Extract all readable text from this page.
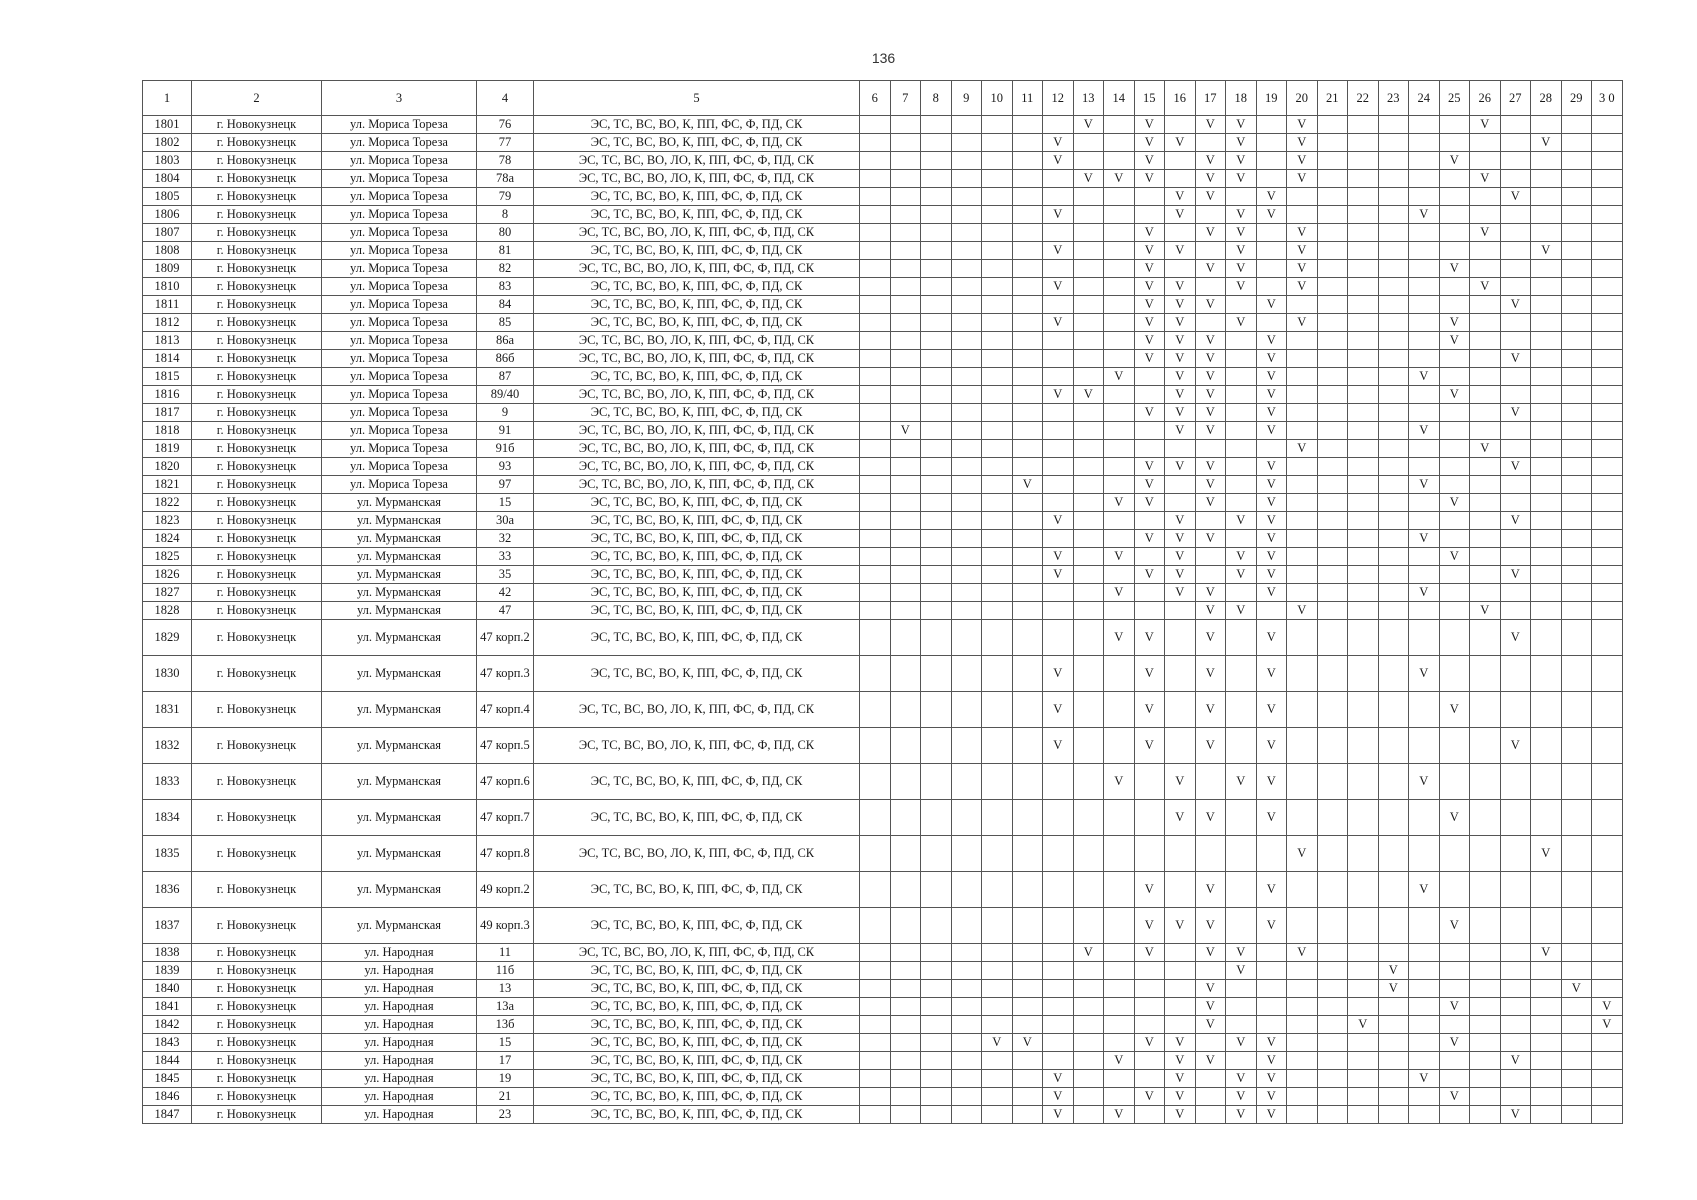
136
1	2	3	4	5	6	7	8	9	10	11	12	13	14	15	16	17	18	19	20	21	22	23	24	25	26	27	28	29	3 0
1801	г. Новокузнецк	ул. Мориса Тореза	76	ЭС, ТС, ВС, ВО, К, ПП, ФС, Ф, ПД, СК								V		V		V	V		V						V				
1802	г. Новокузнецк	ул. Мориса Тореза	77	ЭС, ТС, ВС, ВО, К, ПП, ФС, Ф, ПД, СК							V			V	V		V		V								V		
1803	г. Новокузнецк	ул. Мориса Тореза	78	ЭС, ТС, ВС, ВО, ЛО, К, ПП, ФС, Ф, ПД, СК							V			V		V	V		V					V					
1804	г. Новокузнецк	ул. Мориса Тореза	78а	ЭС, ТС, ВС, ВО, ЛО, К, ПП, ФС, Ф, ПД, СК								V	V	V		V	V		V						V				
1805	г. Новокузнецк	ул. Мориса Тореза	79	ЭС, ТС, ВС, ВО, К, ПП, ФС, Ф, ПД, СК											V	V		V								V			
1806	г. Новокузнецк	ул. Мориса Тореза	8	ЭС, ТС, ВС, ВО, К, ПП, ФС, Ф, ПД, СК							V				V		V	V					V						
1807	г. Новокузнецк	ул. Мориса Тореза	80	ЭС, ТС, ВС, ВО, ЛО, К, ПП, ФС, Ф, ПД, СК										V		V	V		V						V				
1808	г. Новокузнецк	ул. Мориса Тореза	81	ЭС, ТС, ВС, ВО, К, ПП, ФС, Ф, ПД, СК							V			V	V		V		V								V		
1809	г. Новокузнецк	ул. Мориса Тореза	82	ЭС, ТС, ВС, ВО, ЛО, К, ПП, ФС, Ф, ПД, СК										V		V	V		V					V					
1810	г. Новокузнецк	ул. Мориса Тореза	83	ЭС, ТС, ВС, ВО, К, ПП, ФС, Ф, ПД, СК							V			V	V		V		V						V				
1811	г. Новокузнецк	ул. Мориса Тореза	84	ЭС, ТС, ВС, ВО, К, ПП, ФС, Ф, ПД, СК										V	V	V		V								V			
1812	г. Новокузнецк	ул. Мориса Тореза	85	ЭС, ТС, ВС, ВО, К, ПП, ФС, Ф, ПД, СК							V			V	V		V		V					V					
1813	г. Новокузнецк	ул. Мориса Тореза	86а	ЭС, ТС, ВС, ВО, ЛО, К, ПП, ФС, Ф, ПД, СК										V	V	V		V						V					
1814	г. Новокузнецк	ул. Мориса Тореза	86б	ЭС, ТС, ВС, ВО, ЛО, К, ПП, ФС, Ф, ПД, СК										V	V	V		V								V			
1815	г. Новокузнецк	ул. Мориса Тореза	87	ЭС, ТС, ВС, ВО, К, ПП, ФС, Ф, ПД, СК									V		V	V		V					V						
1816	г. Новокузнецк	ул. Мориса Тореза	89/40	ЭС, ТС, ВС, ВО, ЛО, К, ПП, ФС, Ф, ПД, СК							V	V			V	V		V						V					
1817	г. Новокузнецк	ул. Мориса Тореза	9	ЭС, ТС, ВС, ВО, К, ПП, ФС, Ф, ПД, СК										V	V	V		V								V			
1818	г. Новокузнецк	ул. Мориса Тореза	91	ЭС, ТС, ВС, ВО, ЛО, К, ПП, ФС, Ф, ПД, СК		V									V	V		V					V						
1819	г. Новокузнецк	ул. Мориса Тореза	91б	ЭС, ТС, ВС, ВО, ЛО, К, ПП, ФС, Ф, ПД, СК															V						V				
1820	г. Новокузнецк	ул. Мориса Тореза	93	ЭС, ТС, ВС, ВО, ЛО, К, ПП, ФС, Ф, ПД, СК										V	V	V		V								V			
1821	г. Новокузнецк	ул. Мориса Тореза	97	ЭС, ТС, ВС, ВО, ЛО, К, ПП, ФС, Ф, ПД, СК						V				V		V		V					V						
1822	г. Новокузнецк	ул. Мурманская	15	ЭС, ТС, ВС, ВО, К, ПП, ФС, Ф, ПД, СК									V	V		V		V						V					
1823	г. Новокузнецк	ул. Мурманская	30а	ЭС, ТС, ВС, ВО, К, ПП, ФС, Ф, ПД, СК							V				V		V	V								V			
1824	г. Новокузнецк	ул. Мурманская	32	ЭС, ТС, ВС, ВО, К, ПП, ФС, Ф, ПД, СК										V	V	V		V					V						
1825	г. Новокузнецк	ул. Мурманская	33	ЭС, ТС, ВС, ВО, К, ПП, ФС, Ф, ПД, СК							V		V		V		V	V						V					
1826	г. Новокузнецк	ул. Мурманская	35	ЭС, ТС, ВС, ВО, К, ПП, ФС, Ф, ПД, СК							V			V	V		V	V								V			
1827	г. Новокузнецк	ул. Мурманская	42	ЭС, ТС, ВС, ВО, К, ПП, ФС, Ф, ПД, СК									V		V	V		V					V						
1828	г. Новокузнецк	ул. Мурманская	47	ЭС, ТС, ВС, ВО, К, ПП, ФС, Ф, ПД, СК												V	V		V						V				
1829	г. Новокузнецк	ул. Мурманская	47 корп.2	ЭС, ТС, ВС, ВО, К, ПП, ФС, Ф, ПД, СК									V	V		V		V								V			
1830	г. Новокузнецк	ул. Мурманская	47 корп.3	ЭС, ТС, ВС, ВО, К, ПП, ФС, Ф, ПД, СК							V			V		V		V					V						
1831	г. Новокузнецк	ул. Мурманская	47 корп.4	ЭС, ТС, ВС, ВО, ЛО, К, ПП, ФС, Ф, ПД, СК							V			V		V		V						V					
1832	г. Новокузнецк	ул. Мурманская	47 корп.5	ЭС, ТС, ВС, ВО, ЛО, К, ПП, ФС, Ф, ПД, СК							V			V		V		V								V			
1833	г. Новокузнецк	ул. Мурманская	47 корп.6	ЭС, ТС, ВС, ВО, К, ПП, ФС, Ф, ПД, СК									V		V		V	V					V						
1834	г. Новокузнецк	ул. Мурманская	47 корп.7	ЭС, ТС, ВС, ВО, К, ПП, ФС, Ф, ПД, СК											V	V		V						V					
1835	г. Новокузнецк	ул. Мурманская	47 корп.8	ЭС, ТС, ВС, ВО, ЛО, К, ПП, ФС, Ф, ПД, СК															V								V		
1836	г. Новокузнецк	ул. Мурманская	49 корп.2	ЭС, ТС, ВС, ВО, К, ПП, ФС, Ф, ПД, СК										V		V		V					V						
1837	г. Новокузнецк	ул. Мурманская	49 корп.3	ЭС, ТС, ВС, ВО, К, ПП, ФС, Ф, ПД, СК										V	V	V		V						V					
1838	г. Новокузнецк	ул. Народная	11	ЭС, ТС, ВС, ВО, ЛО, К, ПП, ФС, Ф, ПД, СК								V		V		V	V		V								V		
1839	г. Новокузнецк	ул. Народная	11б	ЭС, ТС, ВС, ВО, К, ПП, ФС, Ф, ПД, СК													V					V							
1840	г. Новокузнецк	ул. Народная	13	ЭС, ТС, ВС, ВО, К, ПП, ФС, Ф, ПД, СК												V						V						V	
1841	г. Новокузнецк	ул. Народная	13а	ЭС, ТС, ВС, ВО, К, ПП, ФС, Ф, ПД, СК												V								V					V
1842	г. Новокузнецк	ул. Народная	13б	ЭС, ТС, ВС, ВО, К, ПП, ФС, Ф, ПД, СК												V					V								V
1843	г. Новокузнецк	ул. Народная	15	ЭС, ТС, ВС, ВО, К, ПП, ФС, Ф, ПД, СК					V	V				V	V		V	V						V					
1844	г. Новокузнецк	ул. Народная	17	ЭС, ТС, ВС, ВО, К, ПП, ФС, Ф, ПД, СК									V		V	V		V								V			
1845	г. Новокузнецк	ул. Народная	19	ЭС, ТС, ВС, ВО, К, ПП, ФС, Ф, ПД, СК							V				V		V	V					V						
1846	г. Новокузнецк	ул. Народная	21	ЭС, ТС, ВС, ВО, К, ПП, ФС, Ф, ПД, СК							V			V	V		V	V						V					
1847	г. Новокузнецк	ул. Народная	23	ЭС, ТС, ВС, ВО, К, ПП, ФС, Ф, ПД, СК							V		V		V		V	V								V			
